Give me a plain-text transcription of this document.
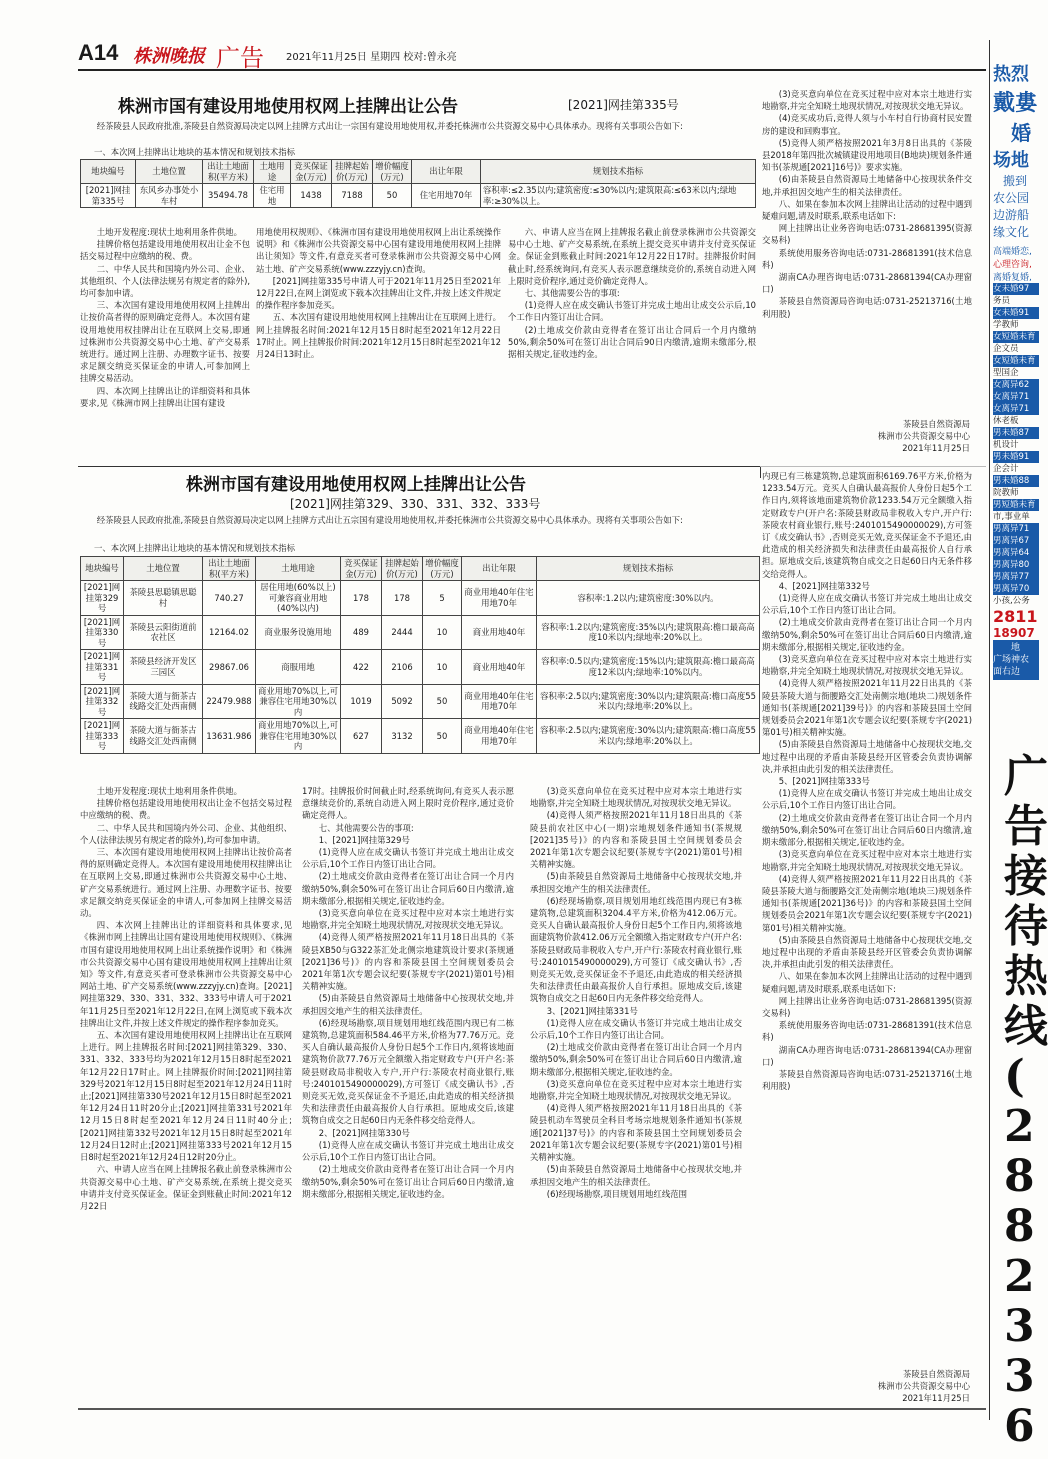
A14 株洲晚报 广告 2021年11月25日 星期四 校对:曾永亮
株洲市国有建设用地使用权网上挂牌出让公告	[2021]网挂第335号
经茶陵县人民政府批准,茶陵县自然资源局决定以网上挂牌方式出让一宗国有建设用地使用权,并委托株洲市公共资源交易中心具体承办。现将有关事项公告如下:
一、本次网上挂牌出让地块的基本情况和规划技术指标
地块编号	土地位置	出让土地面积(平方米)	土地用途	竞买保证金(万元)	挂牌起始价(万元)	增价幅度(万元)	出让年限	规划技术指标
[2021]网挂第335号	东风乡办事处小车村	35494.78	住宅用地	1438	7188	50	住宅用地70年	容积率:≤2.35以内;建筑密度:≤30%以内;建筑限高:≤63米以内;绿地率:≥30%以上。

土地开发程度:现状土地利用条件供地。

挂牌价格包括建设用地使用权出让金不包括交易过程中应缴纳的税、费。

二、中华人民共和国境内外公司、企业、其他组织、个人(法律法规另有规定者的除外),均可参加申请。

三、本次国有建设用地使用权网上挂牌出让按价高者得的原则确定竞得人。本次国有建设用地使用权挂牌出让在互联网上交易,即通过株洲市公共资源交易中心土地、矿产交易系统进行。通过网上注册、办理数字证书、按要求足额交纳竞买保证金的申请人,可参加网上挂牌交易活动。

四、本次网上挂牌出让的详细资料和具体要求,见《株洲市网上挂牌出让国有建设

用地使用权规则》、《株洲市国有建设用地使用权网上出让系统操作说明》和《株洲市公共资源交易中心国有建设用地使用权网上挂牌出让须知》等文件,有意竞买者可登录株洲市公共资源交易中心网站土地、矿产交易系统(www.zzzyjy.cn)查询。

[2021]网挂第335号申请人可于2021年11月25日至2021年12月22日,在网上浏览或下载本次挂牌出让文件,并按上述文件规定的操作程序参加竞买。

五、本次国有建设用地使用权网上挂牌出让在互联网上进行。网上挂牌报名时间:2021年12月15日8时起至2021年12月22日17时止。网上挂牌报价时间:2021年12月15日8时起至2021年12月24日13时止。

六、申请人应当在网上挂牌报名截止前登录株洲市公共资源交易中心土地、矿产交易系统,在系统上提交竞买申请并支付竞买保证金。保证金到账截止时间:2021年12月22日17时。挂牌报价时间截止时,经系统询问,有竞买人表示愿意继续竞价的,系统自动进入网上限时竞价程序,通过竞价确定竞得人。

七、其他需要公告的事项:

(1)竞得人应在成交确认书签订并完成土地出让成交公示后,10个工作日内签订出让合同。

(2)土地成交价款由竞得者在签订出让合同后一个月内缴纳50%,剩余50%可在签订出让合同后90日内缴清,逾期未缴部分,根据相关规定,征收违约金。

(3)竞买意向单位在竞买过程中应对本宗土地进行实地勘察,并完全知晓土地现状情况,对按现状交地无异议。

(4)竞买成功后,竞得人须与小车村自行协商村民安置房的建设和回购事宜。

(5)竞得人须严格按照2021年3月8日出具的《茶陵县2018年第四批次城镇建设用地项目(B地块)规划条件通知书(茶规通[2021]16号)》要求实施。

(6)由茶陵县自然资源局土地储备中心按现状条件交地,并承担因交地产生的相关法律责任。

八、如果在参加本次网上挂牌出让活动的过程中遇到疑难问题,请及时联系,联系电话如下:

网上挂牌出让业务咨询电话:0731-28681395(资源交易科)

系统使用服务咨询电话:0731-28681391(技术信息科)

湖南CA办理咨询电话:0731-28681394(CA办理窗口)

茶陵县自然资源局咨询电话:0731-25213716(土地利用股)

茶陵县自然资源局
株洲市公共资源交易中心
2021年11月25日
株洲市国有建设用地使用权网上挂牌出让公告
[2021]网挂第329、330、331、332、333号
经茶陵县人民政府批准,茶陵县自然资源局决定以网上挂牌方式出让五宗国有建设用地使用权,并委托株洲市公共资源交易中心具体承办。现将有关事项公告如下:
一、本次网上挂牌出让地块的基本情况和规划技术指标
地块编号	土地位置	出让土地面积(平方米)	土地用途	竞买保证金(万元)	挂牌起始价(万元)	增价幅度(万元)	出让年限	规划技术指标
[2021]网挂第329号	茶陵县思聪镇思聪村	740.27	居住用地(60%以上)可兼容商业用地(40%以内)	178	178	5	商业用地40年住宅用地70年	容积率:1.2以内;建筑密度:30%以内。
[2021]网挂第330号	茶陵县云阳街道前农社区	12164.02	商业服务设施用地	489	2444	10	商业用地40年	容积率:1.2以内;建筑密度:35%以内;建筑限高:檐口最高高度10米以内;绿地率:20%以上。
[2021]网挂第331号	茶陵县经济开发区三园区	29867.06	商服用地	422	2106	10	商业用地40年	容积率:0.5以内;建筑密度:15%以内;建筑限高:檐口最高高度12米以内;绿地率:10%以内。
[2021]网挂第332号	茶陵大道与衙茶古线路交汇处西南侧	22479.988	商业用地70%以上,可兼容住宅用地30%以内	1019	5092	50	商业用地40年住宅用地70年	容积率:2.5以内;建筑密度:30%以内;建筑限高:檐口高度55米以内;绿地率:20%以上。
[2021]网挂第333号	茶陵大道与衙茶古线路交汇处西南侧	13631.986	商业用地70%以上,可兼容住宅用地30%以内	627	3132	50	商业用地40年住宅用地70年	容积率:2.5以内;建筑密度:30%以内;建筑限高:檐口高度55米以内;绿地率:20%以上。

土地开发程度:现状土地利用条件供地。

挂牌价格包括建设用地使用权出让金不包括交易过程中应缴纳的税、费。

二、中华人民共和国境内外公司、企业、其他组织、个人(法律法规另有规定者的除外),均可参加申请。

三、本次国有建设用地使用权网上挂牌出让按价高者得的原则确定竞得人。本次国有建设用地使用权挂牌出让在互联网上交易,即通过株洲市公共资源交易中心土地、矿产交易系统进行。通过网上注册、办理数字证书、按要求足额交纳竞买保证金的申请人,可参加网上挂牌交易活动。

四、本次网上挂牌出让的详细资料和具体要求,见《株洲市网上挂牌出让国有建设用地使用权规则》、《株洲市国有建设用地使用权网上出让系统操作说明》和《株洲市公共资源交易中心国有建设用地使用权网上挂牌出让须知》等文件,有意竞买者可登录株洲市公共资源交易中心网站土地、矿产交易系统(www.zzzyjy.cn)查询。[2021]网挂第329、330、331、332、333号申请人可于2021年11月25日至2021年12月22日,在网上浏览或下载本次挂牌出让文件,并按上述文件规定的操作程序参加竞买。

五、本次国有建设用地使用权网上挂牌出让在互联网上进行。网上挂牌报名时间:[2021]网挂第329、330、331、332、333号均为2021年12月15日8时起至2021年12月22日17时止。网上挂牌报价时间:[2021]网挂第329号2021年12月15日8时起至2021年12月24日11时止;[2021]网挂第330号2021年12月15日8时起至2021年12月24日11时20分止;[2021]网挂第331号2021年12月15日8时起至2021年12月24日11时40分止;[2021]网挂第332号2021年12月15日8时起至2021年12月24日12时止;[2021]网挂第333号2021年12月15日8时起至2021年12月24日12时20分止。

六、申请人应当在网上挂牌报名截止前登录株洲市公共资源交易中心土地、矿产交易系统,在系统上提交竞买申请并支付竞买保证金。保证金到账截止时间:2021年12月22日

17时。挂牌报价时间截止时,经系统询问,有竞买人表示愿意继续竞价的,系统自动进入网上限时竞价程序,通过竞价确定竞得人。

七、其他需要公告的事项:

1、[2021]网挂第329号

(1)竞得人应在成交确认书签订并完成土地出让成交公示后,10个工作日内签订出让合同。

(2)土地成交价款由竞得者在签订出让合同一个月内缴纳50%,剩余50%可在签订出让合同后60日内缴清,逾期未缴部分,根据相关规定,征收违约金。

(3)竞买意向单位在竞买过程中应对本宗土地进行实地勘察,并完全知晓土地现状情况,对按现状交地无异议。

(4)竞得人须严格按照2021年11月18日出具的《茶陵县XB50与G322茶汇处北侧宗地建筑设计要求(茶规通[2021]36号)》的内容和茶陵县国土空间规划委员会2021年第1次专题会议纪要(茶规专字(2021)第01号)相关精神实施。

(5)由茶陵县自然资源局土地储备中心按现状交地,并承担因交地产生的相关法律责任。

(6)经现场勘察,项目规划用地红线范围内现已有二栋建筑物,总建筑面积584.46平方米,价格为77.76万元。竞买人自确认最高报价人身份日起5个工作日内,须将该地面建筑物价款77.76万元全额缴入指定财政专户(开户名:茶陵县财政局非税收入专户,开户行:茶陵农村商业银行,账号:2401015490000029),方可签订《成交确认书》,否则竞买无效,竞买保证金不予退还,由此造成的相关经济损失和法律责任由最高报价人自行承担。原地成交后,该建筑物自成交之日起60日内无条件移交给竞得人。

2、[2021]网挂第330号

(1)竞得人应在成交确认书签订并完成土地出让成交公示后,10个工作日内签订出让合同。

(2)土地成交价款由竞得者在签订出让合同一个月内缴纳50%,剩余50%可在签订出让合同后60日内缴清,逾期未缴部分,根据相关规定,征收违约金。

(3)竞买意向单位在竞买过程中应对本宗土地进行实地勘察,并完全知晓土地现状情况,对按现状交地无异议。

(4)竞得人须严格按照2021年11月18日出具的《茶陵县前农社区中心(一期)宗地规划条件通知书(茶规规[2021]35号)》的内容和茶陵县国土空间规划委员会2021年第1次专题会议纪要(茶规专字(2021)第01号)相关精神实施。

(5)由茶陵县自然资源局土地储备中心按现状交地,并承担因交地产生的相关法律责任。

(6)经现场勘察,项目规划用地红线范围内现已有3栋建筑物,总建筑面积3204.4平方米,价格为412.06万元。竞买人自确认最高报价人身份日起5个工作日内,须将该地面建筑物价款412.06万元全额缴入指定财政专户(开户名:茶陵县财政局非税收入专户,开户行:茶陵农村商业银行,账号:2401015490000029),方可签订《成交确认书》,否则竞买无效,竞买保证金不予退还,由此造成的相关经济损失和法律责任由最高报价人自行承担。原地成交后,该建筑物自成交之日起60日内无条件移交给竞得人。

3、[2021]网挂第331号

(1)竞得人应在成交确认书签订并完成土地出让成交公示后,10个工作日内签订出让合同。

(2)土地成交价款由竞得者在签订出让合同一个月内缴纳50%,剩余50%可在签订出让合同后60日内缴清,逾期未缴部分,根据相关规定,征收违约金。

(3)竞买意向单位在竞买过程中应对本宗土地进行实地勘察,并完全知晓土地现状情况,对按现状交地无异议。

(4)竞得人须严格按照2021年11月18日出具的《茶陵县机动车驾驶员全科目考场宗地规划条件通知书(茶规通[2021]37号)》的内容和茶陵县国土空间规划委员会2021年第1次专题会议纪要(茶规专字(2021)第01号)相关精神实施。

(5)由茶陵县自然资源局土地储备中心按现状交地,并承担因交地产生的相关法律责任。

(6)经现场勘察,项目规划用地红线范围

内现已有三栋建筑物,总建筑面积6169.76平方米,价格为1233.54万元。竞买人自确认最高报价人身份日起5个工作日内,须将该地面建筑物价款1233.54万元全额缴入指定财政专户(开户名:茶陵县财政局非税收入专户,开户行:茶陵农村商业银行,账号:2401015490000029),方可签订《成交确认书》,否则竞买无效,竞买保证金不予退还,由此造成的相关经济损失和法律责任由最高报价人自行承担。原地成交后,该建筑物自成交之日起60日内无条件移交给竞得人。

4、[2021]网挂第332号

(1)竞得人应在成交确认书签订并完成土地出让成交公示后,10个工作日内签订出让合同。

(2)土地成交价款由竞得者在签订出让合同一个月内缴纳50%,剩余50%可在签订出让合同后60日内缴清,逾期未缴部分,根据相关规定,征收违约金。

(3)竞买意向单位在竞买过程中应对本宗土地进行实地勘察,并完全知晓土地现状情况,对按现状交地无异议。

(4)竞得人须严格按照2021年11月22日出具的《茶陵县茶陵大道与衙腰路交汇处南侧宗地(地块二)规划条件通知书(茶规通[2021]39号)》的内容和茶陵县国土空间规划委员会2021年第1次专题会议纪要(茶规专字(2021)第01号)相关精神实施。

(5)由茶陵县自然资源局土地储备中心按现状交地,交地过程中出现的矛盾由茶陵县经开区管委会负责协调解决,并承担由此引发的相关法律责任。

5、[2021]网挂第333号

(1)竞得人应在成交确认书签订并完成土地出让成交公示后,10个工作日内签订出让合同。

(2)土地成交价款由竞得者在签订出让合同一个月内缴纳50%,剩余50%可在签订出让合同后60日内缴清,逾期未缴部分,根据相关规定,征收违约金。

(3)竞买意向单位在竞买过程中应对本宗土地进行实地勘察,并完全知晓土地现状情况,对按现状交地无异议。

(4)竞得人须严格按照2021年11月22日出具的《茶陵县茶陵大道与衙腰路交汇处南侧宗地(地块三)规划条件通知书(茶规通[2021]36号)》的内容和茶陵县国土空间规划委员会2021年第1次专题会议纪要(茶规专字(2021)第01号)相关精神实施。

(5)由茶陵县自然资源局土地储备中心按现状交地,交地过程中出现的矛盾由茶陵县经开区管委会负责协调解决,并承担由此引发的相关法律责任。

八、如果在参加本次网上挂牌出让活动的过程中遇到疑难问题,请及时联系,联系电话如下:

网上挂牌出让业务咨询电话:0731-28681395(资源交易科)

系统使用服务咨询电话:0731-28681391(技术信息科)

湖南CA办理咨询电话:0731-28681394(CA办理窗口)

茶陵县自然资源局咨询电话:0731-25213716(土地利用股)

茶陵县自然资源局
株洲市公共资源交易中心
2021年11月25日
热烈
戴婁
婚
场地
搬到
农公园
边游船
缘文化
高端婚恋,
心理咨询,
离婚复婚,
女未婚97
务员
女未婚91
学教师
女短婚未育
企文员
女短婚未育
型国企
女离异62
女离异71
女离异71
休老板
男未婚87
机设计
男未婚91
企会计
男未婚88
院教师
男短婚未育
市,事业单
男离异71
男离异67
男离异64
男离异80
男离异77
男离异70
小孩,公务
2811
18907
地
广场神农
面右边
广
告
接
待
热
线
(
2
8
8
2
3
3
6
